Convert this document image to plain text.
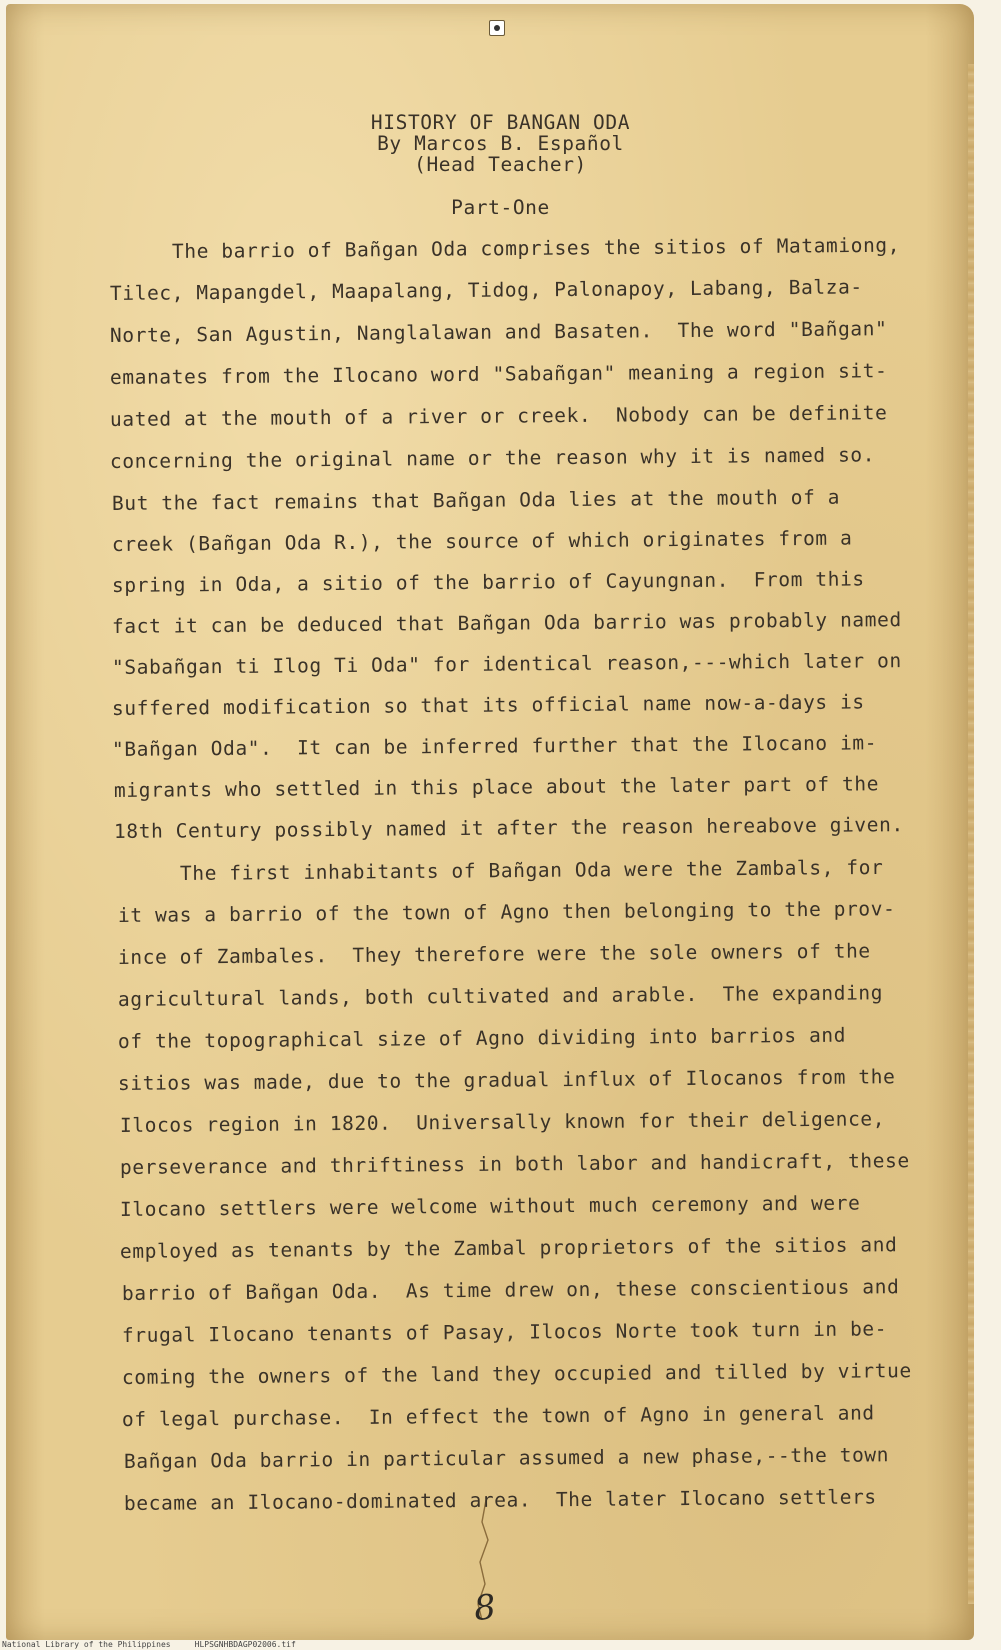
HISTORY OF BANGAN ODA
By Marcos B. Español
(Head Teacher)
Part-One
The barrio of Bañgan Oda comprises the sitios of Matamiong,
Tilec, Mapangdel, Maapalang, Tidog, Palonapoy, Labang, Balza-
Norte, San Agustin, Nanglalawan and Basaten.  The word "Bañgan"
emanates from the Ilocano word "Sabañgan" meaning a region sit-
uated at the mouth of a river or creek.  Nobody can be definite
concerning the original name or the reason why it is named so.
But the fact remains that Bañgan Oda lies at the mouth of a
creek (Bañgan Oda R.), the source of which originates from a
spring in Oda, a sitio of the barrio of Cayungnan.  From this
fact it can be deduced that Bañgan Oda barrio was probably named
"Sabañgan ti Ilog Ti Oda" for identical reason,---which later on
suffered modification so that its official name now-a-days is
"Bañgan Oda".  It can be inferred further that the Ilocano im-
migrants who settled in this place about the later part of the
18th Century possibly named it after the reason hereabove given.
The first inhabitants of Bañgan Oda were the Zambals, for
it was a barrio of the town of Agno then belonging to the prov-
ince of Zambales.  They therefore were the sole owners of the
agricultural lands, both cultivated and arable.  The expanding
of the topographical size of Agno dividing into barrios and
sitios was made, due to the gradual influx of Ilocanos from the
Ilocos region in 1820.  Universally known for their deligence,
perseverance and thriftiness in both labor and handicraft, these
Ilocano settlers were welcome without much ceremony and were
employed as tenants by the Zambal proprietors of the sitios and
barrio of Bañgan Oda.  As time drew on, these conscientious and
frugal Ilocano tenants of Pasay, Ilocos Norte took turn in be-
coming the owners of the land they occupied and tilled by virtue
of legal purchase.  In effect the town of Agno in general and
Bañgan Oda barrio in particular assumed a new phase,--the town
became an Ilocano-dominated area.  The later Ilocano settlers
8
National Library of the Philippines     HLPSGNHBDAGP02006.tif
